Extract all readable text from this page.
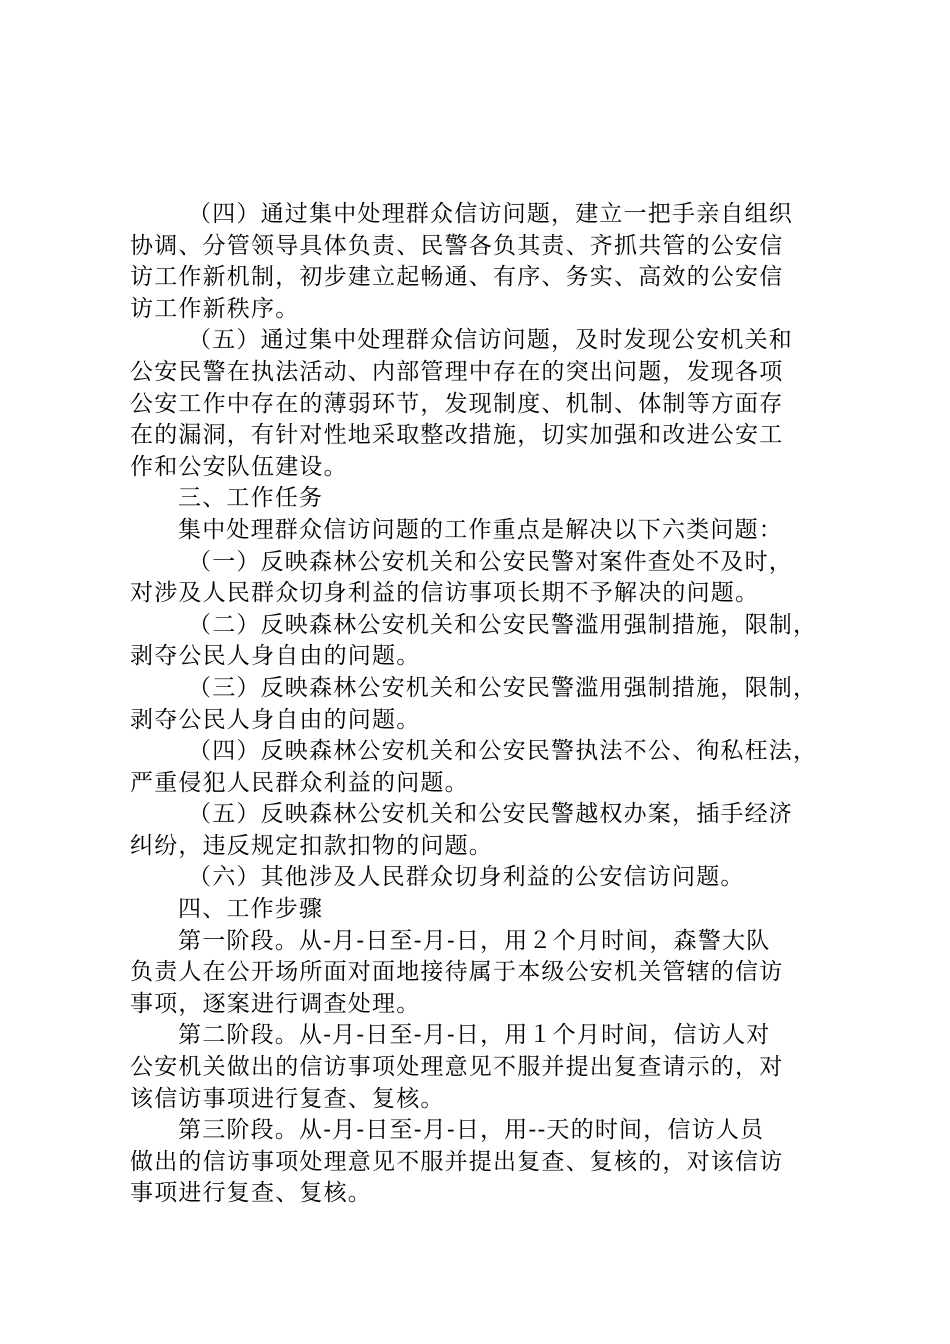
（四）通过集中处理群众信访问题，建立一把手亲自组织
协调、分管领导具体负责、民警各负其责、齐抓共管的公安信
访工作新机制，初步建立起畅通、有序、务实、高效的公安信
访工作新秩序。
（五）通过集中处理群众信访问题，及时发现公安机关和
公安民警在执法活动、内部管理中存在的突出问题，发现各项
公安工作中存在的薄弱环节，发现制度、机制、体制等方面存
在的漏洞，有针对性地采取整改措施，切实加强和改进公安工
作和公安队伍建设。
三、工作任务
集中处理群众信访问题的工作重点是解决以下六类问题：
（一）反映森林公安机关和公安民警对案件查处不及时，
对涉及人民群众切身利益的信访事项长期不予解决的问题。
（二）反映森林公安机关和公安民警滥用强制措施，限制，
剥夺公民人身自由的问题。
（三）反映森林公安机关和公安民警滥用强制措施，限制，
剥夺公民人身自由的问题。
（四）反映森林公安机关和公安民警执法不公、徇私枉法，
严重侵犯人民群众利益的问题。
（五）反映森林公安机关和公安民警越权办案，插手经济
纠纷，违反规定扣款扣物的问题。
（六）其他涉及人民群众切身利益的公安信访问题。
四、工作步骤
第一阶段。从-月-日至-月-日，用２个月时间，森警大队
负责人在公开场所面对面地接待属于本级公安机关管辖的信访
事项，逐案进行调查处理。
第二阶段。从-月-日至-月-日，用１个月时间，信访人对
公安机关做出的信访事项处理意见不服并提出复查请示的，对
该信访事项进行复查、复核。
第三阶段。从-月-日至-月-日，用--天的时间，信访人员
做出的信访事项处理意见不服并提出复查、复核的，对该信访
事项进行复查、复核。
